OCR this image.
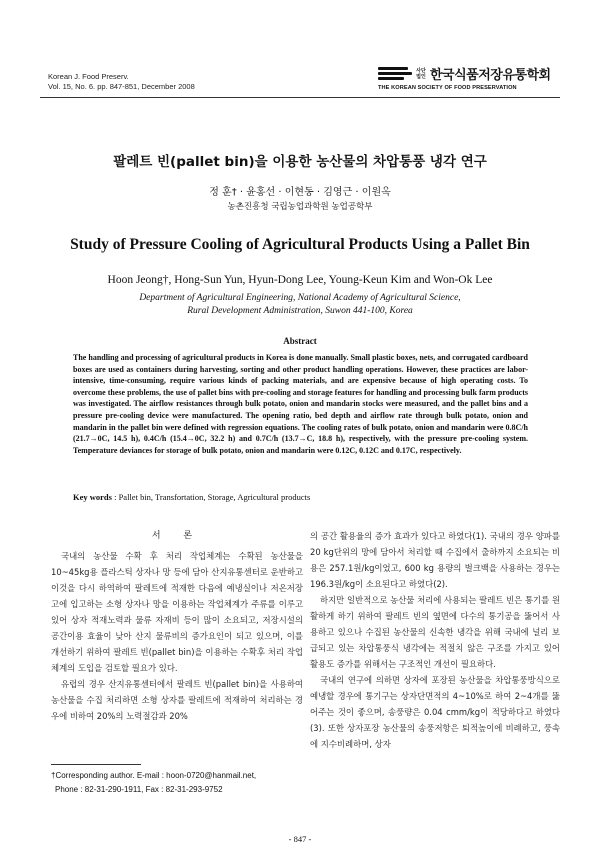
Korean J. Food Preserv.
Vol. 15, No. 6. pp. 847-851, December 2008
사단법인 한국식품저장유통학회
THE KOREAN SOCIETY OF FOOD PRESERVATION
팔레트 빈(pallet bin)을 이용한 농산물의 차압통풍 냉각 연구
정 훈† · 윤홍선 · 이현동 · 김영근 · 이원옥
농촌진흥청 국립농업과학원 농업공학부
Study of Pressure Cooling of Agricultural Products Using a Pallet Bin
Hoon Jeong†, Hong-Sun Yun, Hyun-Dong Lee, Young-Keun Kim and Won-Ok Lee
Department of Agricultural Engineering, National Academy of Agricultural Science,
Rural Development Administration, Suwon 441-100, Korea
Abstract
The handling and processing of agricultural products in Korea is done manually. Small plastic boxes, nets, and corrugated cardboard boxes are used as containers during harvesting, sorting and other product handling operations. However, these practices are labor-intensive, time-consuming, require various kinds of packing materials, and are expensive because of high operating costs. To overcome these problems, the use of pallet bins with pre-cooling and storage features for handling and processing bulk farm products was investigated. The airflow resistances through bulk potato, onion and mandarin stocks were measured, and the pallet bins and a pressure pre-cooling device were manufactured. The opening ratio, bed depth and airflow rate through bulk potato, onion and mandarin in the pallet bin were defined with regression equations. The cooling rates of bulk potato, onion and mandarin were 0.8C/h (21.7→0C, 14.5 h), 0.4C/h (15.4→0C, 32.2 h) and 0.7C/h (13.7→C, 18.8 h), respectively, with the pressure pre-cooling system. Temperature deviances for storage of bulk potato, onion and mandarin were 0.12C, 0.12C and 0.17C, respectively.
Key words : Pallet bin, Transfortation, Storage, Agricultural products
서 론

국내의 농산물 수확 후 처리 작업체계는 수확된 농산물을 10~45kg용 플라스틱 상자나 망 등에 담아 산지유통센터로 운반하고 이것을 다시 하역하여 팔레트에 적재한 다음에 예냉실이나 저온저장고에 입고하는 소형 상자나 망을 이용하는 작업체계가 주류를 이루고 있어 상자 적재노력과 물류 자재비 등이 많이 소요되고, 저장시설의 공간이용 효율이 낮아 산지 물류비의 증가요인이 되고 있으며, 이를 개선하기 위하여 팔레트 빈(pallet bin)을 이용하는 수확후 처리 작업체계의 도입을 검토할 필요가 있다.

유럽의 경우 산지유통센터에서 팔레트 빈(pallet bin)을 사용하여 농산물을 수집 처리하면 소형 상자를 팔레트에 적재하여 처리하는 경우에 비하여 20%의 노력절감과 20%

의 공간 활용율의 증가 효과가 있다고 하였다(1). 국내의 경우 양파를 20 kg단위의 망에 담아서 처리할 때 수집에서 출하까지 소요되는 비용은 257.1원/kg이었고, 600 kg 용량의 벌크백을 사용하는 경우는 196.3원/kg이 소요된다고 하였다(2).

하지만 일반적으로 농산물 처리에 사용되는 팔레트 빈은 통기를 원활하게 하기 위하여 팔레트 빈의 옆면에 다수의 통기공을 뚫어서 사용하고 있으나 수집된 농산물의 신속한 냉각을 위해 국내에 널리 보급되고 있는 차압통풍식 냉각에는 적절치 않은 구조를 가지고 있어 활용도 증가를 위해서는 구조적인 개선이 필요하다.

국내의 연구에 의하면 상자에 포장된 농산물을 차압통풍방식으로 예냉할 경우에 통기구는 상자단면적의 4~10%로 하여 2~4개를 뚫어주는 것이 좋으며, 송풍량은 0.04 cmm/kg이 적당하다고 하였다(3). 또한 상자포장 농산물의 송풍저항은 퇴적높이에 비례하고, 풍속에 지수비례하며, 상자

†Corresponding author. E-mail : hoon-0720@hanmail.net,
Phone : 82-31-290-1911, Fax : 82-31-293-9752
- 847 -
